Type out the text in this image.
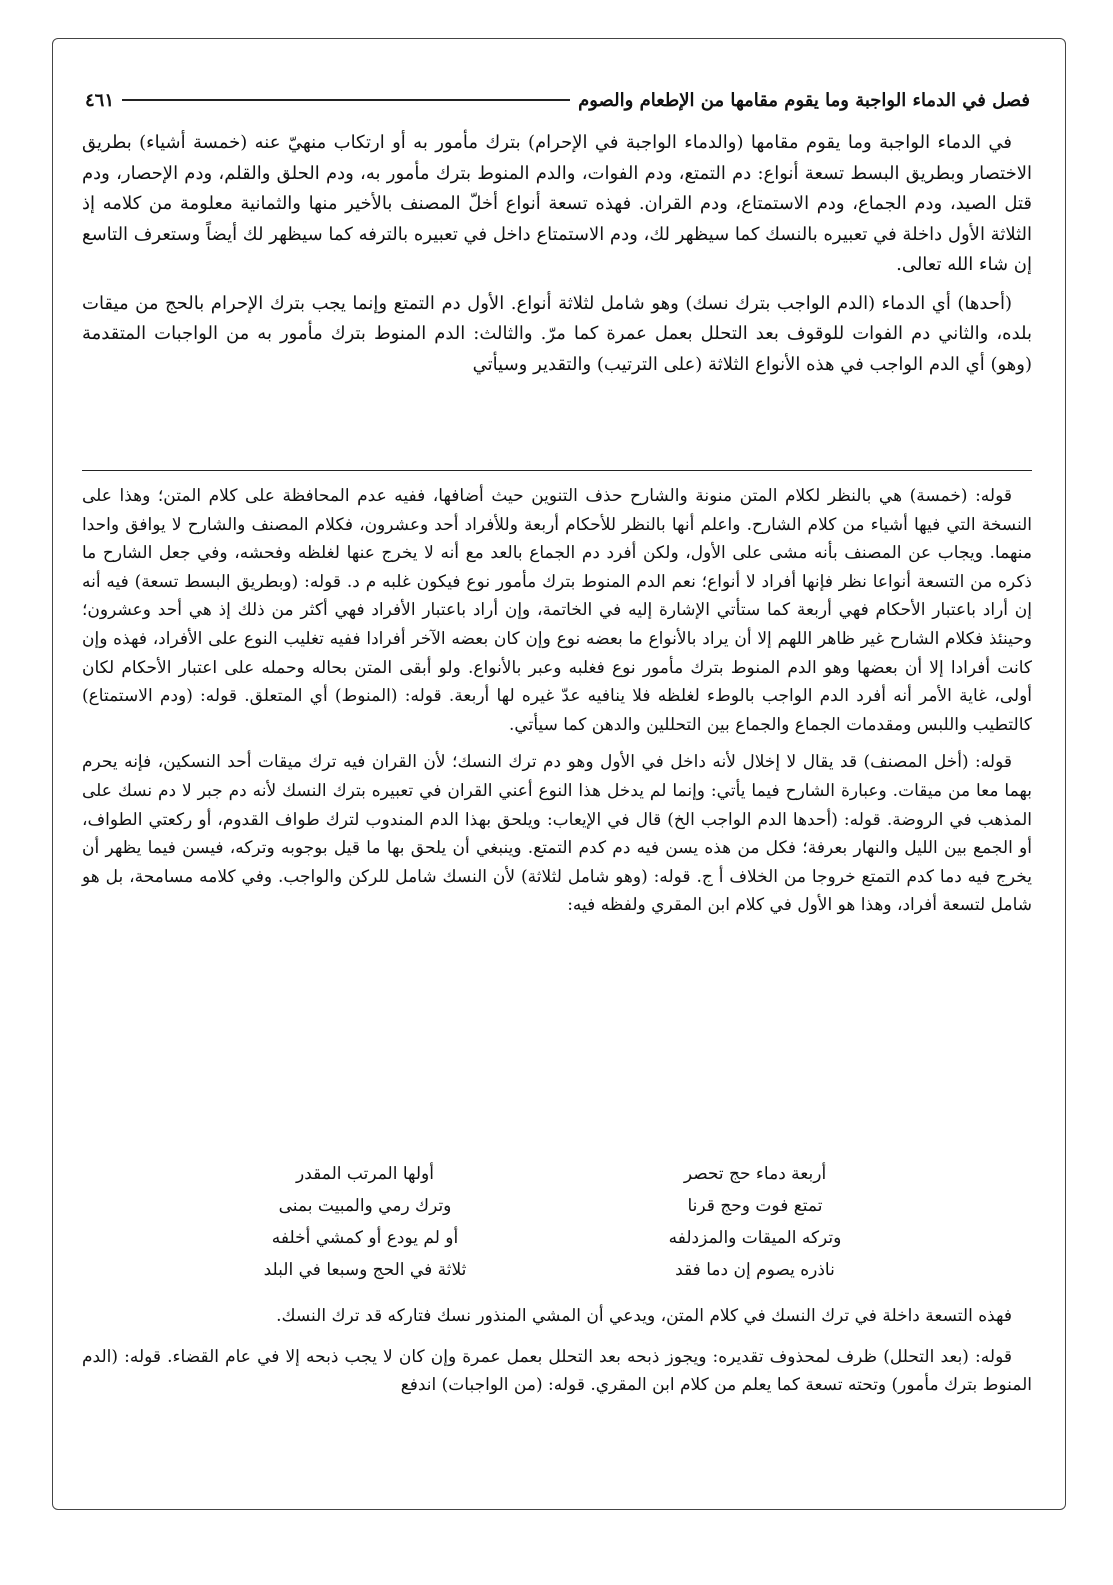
فصل في الدماء الواجبة وما يقوم مقامها من الإطعام والصوم
٤٦١

في الدماء الواجبة وما يقوم مقامها (والدماء الواجبة في الإحرام) بترك مأمور به أو ارتكاب منهيّ عنه (خمسة أشياء) بطريق الاختصار وبطريق البسط تسعة أنواع: دم التمتع، ودم الفوات، والدم المنوط بترك مأمور به، ودم الحلق والقلم، ودم الإحصار، ودم قتل الصيد، ودم الجماع، ودم الاستمتاع، ودم القران. فهذه تسعة أنواع أخلّ المصنف بالأخير منها والثمانية معلومة من كلامه إذ الثلاثة الأول داخلة في تعبيره بالنسك كما سيظهر لك، ودم الاستمتاع داخل في تعبيره بالترفه كما سيظهر لك أيضاً وستعرف التاسع إن شاء الله تعالى.

(أحدها) أي الدماء (الدم الواجب بترك نسك) وهو شامل لثلاثة أنواع. الأول دم التمتع وإنما يجب بترك الإحرام بالحج من ميقات بلده، والثاني دم الفوات للوقوف بعد التحلل بعمل عمرة كما مرّ. والثالث: الدم المنوط بترك مأمور به من الواجبات المتقدمة (وهو) أي الدم الواجب في هذه الأنواع الثلاثة (على الترتيب) والتقدير وسيأتي

قوله: (خمسة) هي بالنظر لكلام المتن منونة والشارح حذف التنوين حيث أضافها، ففيه عدم المحافظة على كلام المتن؛ وهذا على النسخة التي فيها أشياء من كلام الشارح. واعلم أنها بالنظر للأحكام أربعة وللأفراد أحد وعشرون، فكلام المصنف والشارح لا يوافق واحدا منهما. ويجاب عن المصنف بأنه مشى على الأول، ولكن أفرد دم الجماع بالعد مع أنه لا يخرج عنها لغلظه وفحشه، وفي جعل الشارح ما ذكره من التسعة أنواعا نظر فإنها أفراد لا أنواع؛ نعم الدم المنوط بترك مأمور نوع فيكون غلبه م د. قوله: (وبطريق البسط تسعة) فيه أنه إن أراد باعتبار الأحكام فهي أربعة كما ستأتي الإشارة إليه في الخاتمة، وإن أراد باعتبار الأفراد فهي أكثر من ذلك إذ هي أحد وعشرون؛ وحينئذ فكلام الشارح غير ظاهر اللهم إلا أن يراد بالأنواع ما بعضه نوع وإن كان بعضه الآخر أفرادا ففيه تغليب النوع على الأفراد، فهذه وإن كانت أفرادا إلا أن بعضها وهو الدم المنوط بترك مأمور نوع فغلبه وعبر بالأنواع. ولو أبقى المتن بحاله وحمله على اعتبار الأحكام لكان أولى، غاية الأمر أنه أفرد الدم الواجب بالوطء لغلظه فلا ينافيه عدّ غيره لها أربعة. قوله: (المنوط) أي المتعلق. قوله: (ودم الاستمتاع) كالتطيب واللبس ومقدمات الجماع والجماع بين التحللين والدهن كما سيأتي.

قوله: (أخل المصنف) قد يقال لا إخلال لأنه داخل في الأول وهو دم ترك النسك؛ لأن القران فيه ترك ميقات أحد النسكين، فإنه يحرم بهما معا من ميقات. وعبارة الشارح فيما يأتي: وإنما لم يدخل هذا النوع أعني القران في تعبيره بترك النسك لأنه دم جبر لا دم نسك على المذهب في الروضة. قوله: (أحدها الدم الواجب الخ) قال في الإيعاب: ويلحق بهذا الدم المندوب لترك طواف القدوم، أو ركعتي الطواف، أو الجمع بين الليل والنهار بعرفة؛ فكل من هذه يسن فيه دم كدم التمتع. وينبغي أن يلحق بها ما قيل بوجوبه وتركه، فيسن فيما يظهر أن يخرج فيه دما كدم التمتع خروجا من الخلاف أ ج. قوله: (وهو شامل لثلاثة) لأن النسك شامل للركن والواجب. وفي كلامه مسامحة، بل هو شامل لتسعة أفراد، وهذا هو الأول في كلام ابن المقري ولفظه فيه:

أربعة دماء حج تحصر
أولها المرتب المقدر
تمتع فوت وحج قرنا
وترك رمي والمبيت بمنى
وتركه الميقات والمزدلفه
أو لم يودع أو كمشي أخلفه
ناذره يصوم إن دما فقد
ثلاثة في الحج وسبعا في البلد

فهذه التسعة داخلة في ترك النسك في كلام المتن، ويدعي أن المشي المنذور نسك فتاركه قد ترك النسك.

قوله: (بعد التحلل) ظرف لمحذوف تقديره: ويجوز ذبحه بعد التحلل بعمل عمرة وإن كان لا يجب ذبحه إلا في عام القضاء. قوله: (الدم المنوط بترك مأمور) وتحته تسعة كما يعلم من كلام ابن المقري. قوله: (من الواجبات) اندفع
